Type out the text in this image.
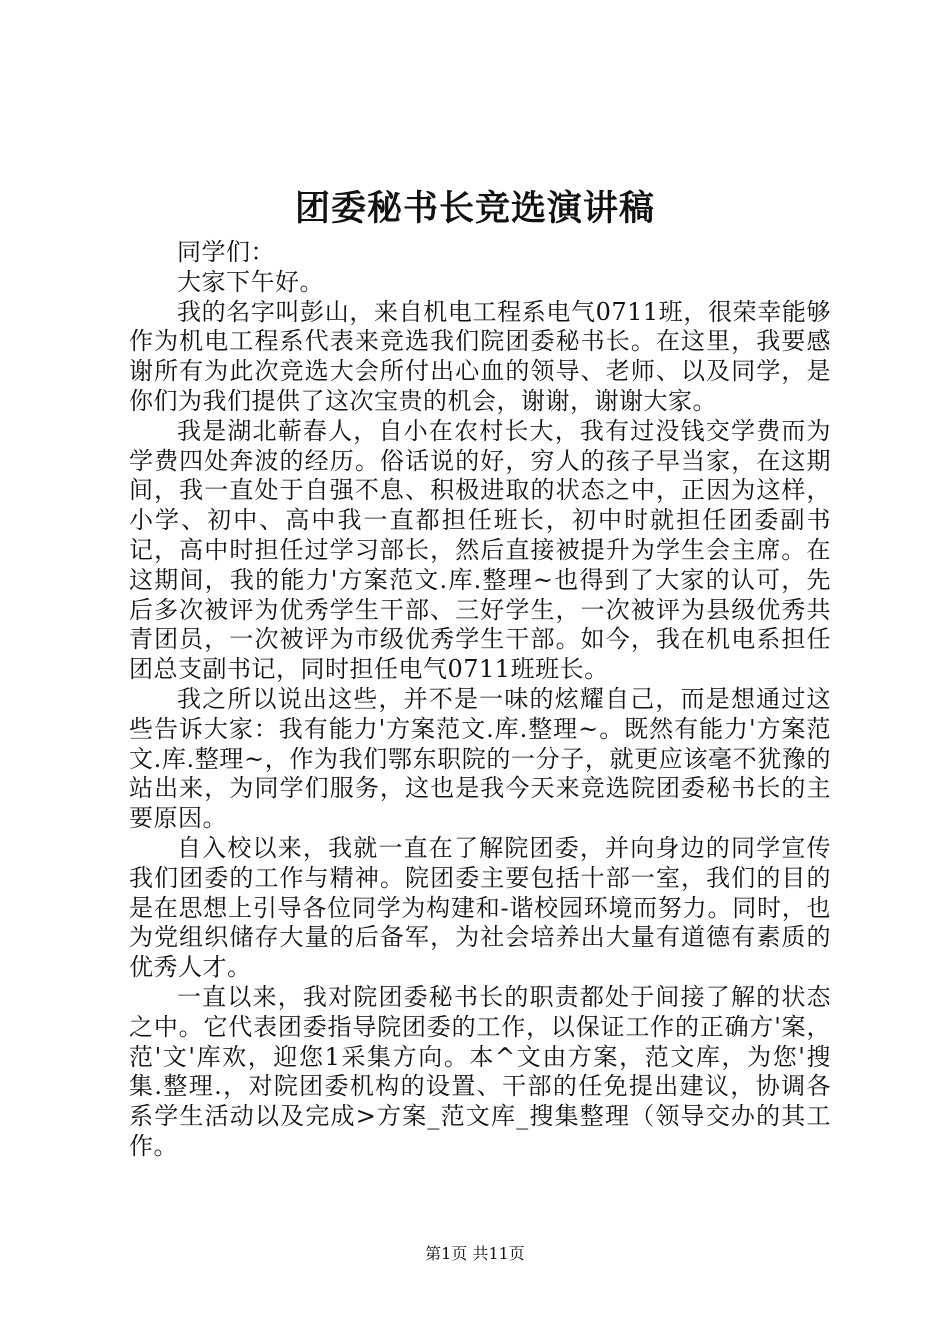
团委秘书长竞选演讲稿

同学们：

大家下午好。

我的名字叫彭山，来自机电工程系电气0711班，很荣幸能够作为机电工程系代表来竞选我们院团委秘书长。在这里，我要感谢所有为此次竞选大会所付出心血的领导、老师、以及同学，是你们为我们提供了这次宝贵的机会，谢谢，谢谢大家。

我是湖北蕲春人，自小在农村长大，我有过没钱交学费而为学费四处奔波的经历。俗话说的好，穷人的孩子早当家，在这期间，我一直处于自强不息、积极进取的状态之中，正因为这样，小学、初中、高中我一直都担任班长，初中时就担任团委副书记，高中时担任过学习部长，然后直接被提升为学生会主席。在这期间，我的能力'方案范文.库.整理~也得到了大家的认可，先后多次被评为优秀学生干部、三好学生，一次被评为县级优秀共青团员，一次被评为市级优秀学生干部。如今，我在机电系担任团总支副书记，同时担任电气0711班班长。

我之所以说出这些，并不是一味的炫耀自己，而是想通过这些告诉大家：我有能力'方案范文.库.整理~。既然有能力'方案范文.库.整理~，作为我们鄂东职院的一分子，就更应该毫不犹豫的站出来，为同学们服务，这也是我今天来竞选院团委秘书长的主要原因。

自入校以来，我就一直在了解院团委，并向身边的同学宣传我们团委的工作与精神。院团委主要包括十部一室，我们的目的是在思想上引导各位同学为构建和-谐校园环境而努力。同时，也为党组织储存大量的后备军，为社会培养出大量有道德有素质的优秀人才。

一直以来，我对院团委秘书长的职责都处于间接了解的状态之中。它代表团委指导院团委的工作，以保证工作的正确方'案，范'文'库欢，迎您1采集方向。本^文由方案，范文库，为您'搜集.整理.，对院团委机构的设置、干部的任免提出建议，协调各系学生活动以及完成>方案_范文库_搜集整理（领导交办的其工作。

第1页 共11页
